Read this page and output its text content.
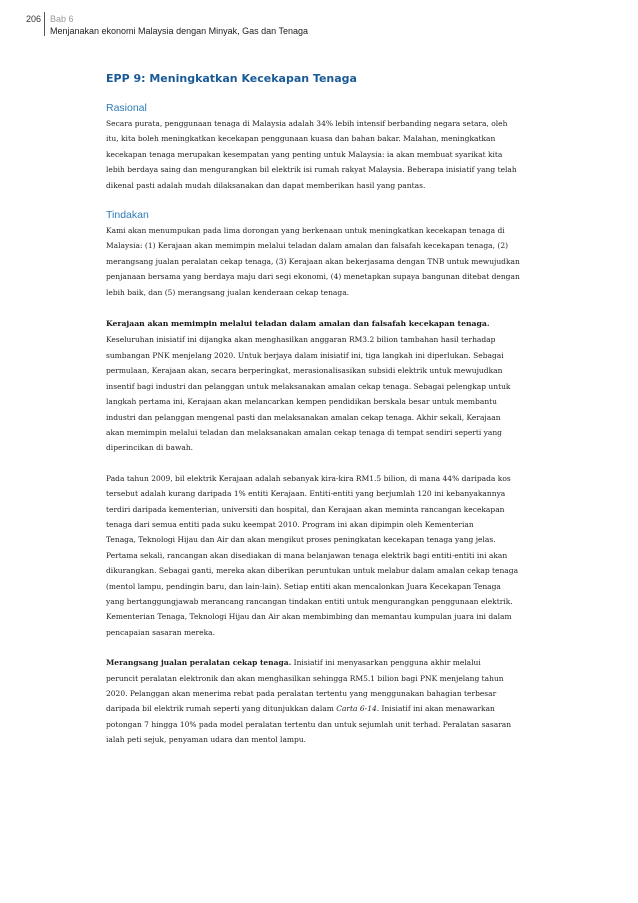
206 Bab 6
Menjanakan ekonomi Malaysia dengan Minyak, Gas dan Tenaga
EPP 9: Meningkatkan Kecekapan Tenaga
Rasional

Secara purata, penggunaan tenaga di Malaysia adalah 34% lebih intensif berbanding negara setara, oleh
itu, kita boleh meningkatkan kecekapan penggunaan kuasa dan bahan bakar. Malahan, meningkatkan
kecekapan tenaga merupakan kesempatan yang penting untuk Malaysia: ia akan membuat syarikat kita
lebih berdaya saing dan mengurangkan bil elektrik isi rumah rakyat Malaysia. Beberapa inisiatif yang telah
dikenal pasti adalah mudah dilaksanakan dan dapat memberikan hasil yang pantas.

Tindakan

Kami akan menumpukan pada lima dorongan yang berkenaan untuk meningkatkan kecekapan tenaga di
Malaysia: (1) Kerajaan akan memimpin melalui teladan dalam amalan dan falsafah kecekapan tenaga, (2)
merangsang jualan peralatan cekap tenaga, (3) Kerajaan akan bekerjasama dengan TNB untuk mewujudkan
penjanaan bersama yang berdaya maju dari segi ekonomi, (4) menetapkan supaya bangunan ditebat dengan
lebih baik, dan (5) merangsang jualan kenderaan cekap tenaga.

Kerajaan akan memimpin melalui teladan dalam amalan dan falsafah kecekapan tenaga.

Keseluruhan inisiatif ini dijangka akan menghasilkan anggaran RM3.2 bilion tambahan hasil terhadap
sumbangan PNK menjelang 2020. Untuk berjaya dalam inisiatif ini, tiga langkah ini diperlukan. Sebagai
permulaan, Kerajaan akan, secara berperingkat, merasionalisasikan subsidi elektrik untuk mewujudkan
insentif bagi industri dan pelanggan untuk melaksanakan amalan cekap tenaga. Sebagai pelengkap untuk
langkah pertama ini, Kerajaan akan melancarkan kempen pendidikan berskala besar untuk membantu
industri dan pelanggan mengenal pasti dan melaksanakan amalan cekap tenaga. Akhir sekali, Kerajaan
akan memimpin melalui teladan dan melaksanakan amalan cekap tenaga di tempat sendiri seperti yang
diperincikan di bawah.

Pada tahun 2009, bil elektrik Kerajaan adalah sebanyak kira-kira RM1.5 bilion, di mana 44% daripada kos
tersebut adalah kurang daripada 1% entiti Kerajaan. Entiti-entiti yang berjumlah 120 ini kebanyakannya
terdiri daripada kementerian, universiti dan hospital, dan Kerajaan akan meminta rancangan kecekapan
tenaga dari semua entiti pada suku keempat 2010. Program ini akan dipimpin oleh Kementerian
Tenaga, Teknologi Hijau dan Air dan akan mengikut proses peningkatan kecekapan tenaga yang jelas.
Pertama sekali, rancangan akan disediakan di mana belanjawan tenaga elektrik bagi entiti-entiti ini akan
dikurangkan. Sebagai ganti, mereka akan diberikan peruntukan untuk melabur dalam amalan cekap tenaga
(mentol lampu, pendingin baru, dan lain-lain). Setiap entiti akan mencalonkan Juara Kecekapan Tenaga
yang bertanggungjawab merancang rancangan tindakan entiti untuk mengurangkan penggunaan elektrik.
Kementerian Tenaga, Teknologi Hijau dan Air akan membimbing dan memantau kumpulan juara ini dalam
pencapaian sasaran mereka.

Merangsang jualan peralatan cekap tenaga. Inisiatif ini menyasarkan pengguna akhir melalui
peruncit peralatan elektronik dan akan menghasilkan sehingga RM5.1 bilion bagi PNK menjelang tahun
2020. Pelanggan akan menerima rebat pada peralatan tertentu yang menggunakan bahagian terbesar
daripada bil elektrik rumah seperti yang ditunjukkan dalam Carta 6-14. Inisiatif ini akan menawarkan
potongan 7 hingga 10% pada model peralatan tertentu dan untuk sejumlah unit terhad. Peralatan sasaran
ialah peti sejuk, penyaman udara dan mentol lampu.
